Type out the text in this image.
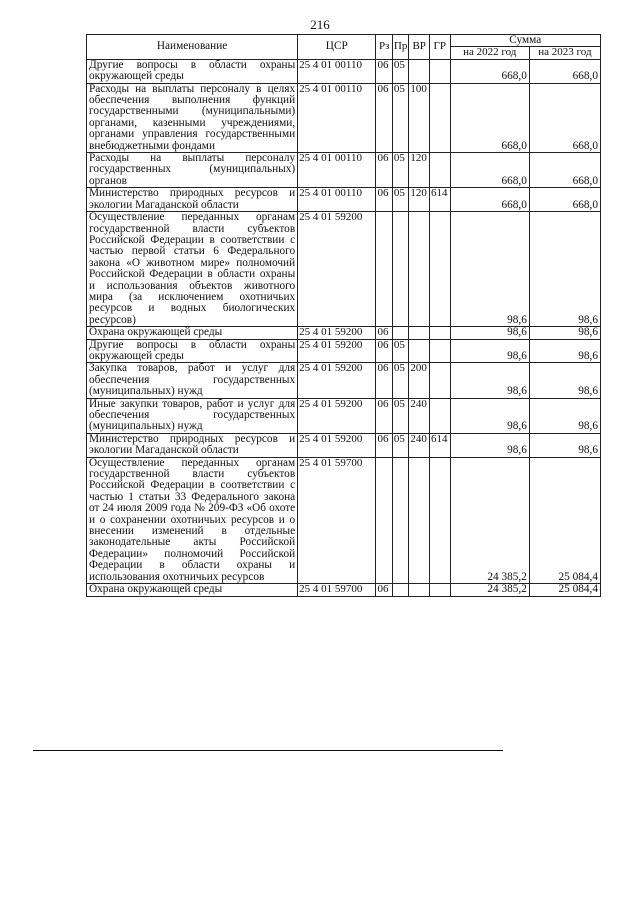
216
Наименование	ЦСР	Рз	Пр	ВР	ГР	Сумма	
						на 2022 год	на 2023 год
Другие вопросы в области охраны окружающей среды	25 4 01 00110	06	05			668,0	668,0
Расходы на выплаты персоналу в целях обеспечения выполнения функций государственными (муниципальными) органами, казенными учреждениями, органами управления государственными внебюджетными фондами	25 4 01 00110	06	05	100		668,0	668,0
Расходы на выплаты персоналу государственных (муниципальных) органов	25 4 01 00110	06	05	120		668,0	668,0
Министерство природных ресурсов и экологии Магаданской области	25 4 01 00110	06	05	120	614	668,0	668,0
Осуществление переданных органам государственной власти субъектов Российской Федерации в соответствии с частью первой статьи 6 Федерального закона «О животном мире» полномочий Российской Федерации в области охраны и использования объектов животного мира (за исключением охотничьих ресурсов и водных биологических ресурсов)	25 4 01 59200					98,6	98,6
Охрана окружающей среды	25 4 01 59200	06				98,6	98,6
Другие вопросы в области охраны окружающей среды	25 4 01 59200	06	05			98,6	98,6
Закупка товаров, работ и услуг для обеспечения государственных (муниципальных) нужд	25 4 01 59200	06	05	200		98,6	98,6
Иные закупки товаров, работ и услуг для обеспечения государственных (муниципальных) нужд	25 4 01 59200	06	05	240		98,6	98,6
Министерство природных ресурсов и экологии Магаданской области	25 4 01 59200	06	05	240	614	98,6	98,6
Осуществление переданных органам государственной власти субъектов Российской Федерации в соответствии с частью 1 статьи 33 Федерального закона от 24 июля 2009 года № 209-ФЗ «Об охоте и о сохранении охотничьих ресурсов и о внесении изменений в отдельные законодательные акты Российской Федерации» полномочий Российской Федерации в области охраны и использования охотничьих ресурсов	25 4 01 59700					24 385,2	25 084,4
Охрана окружающей среды	25 4 01 59700	06				24 385,2	25 084,4
